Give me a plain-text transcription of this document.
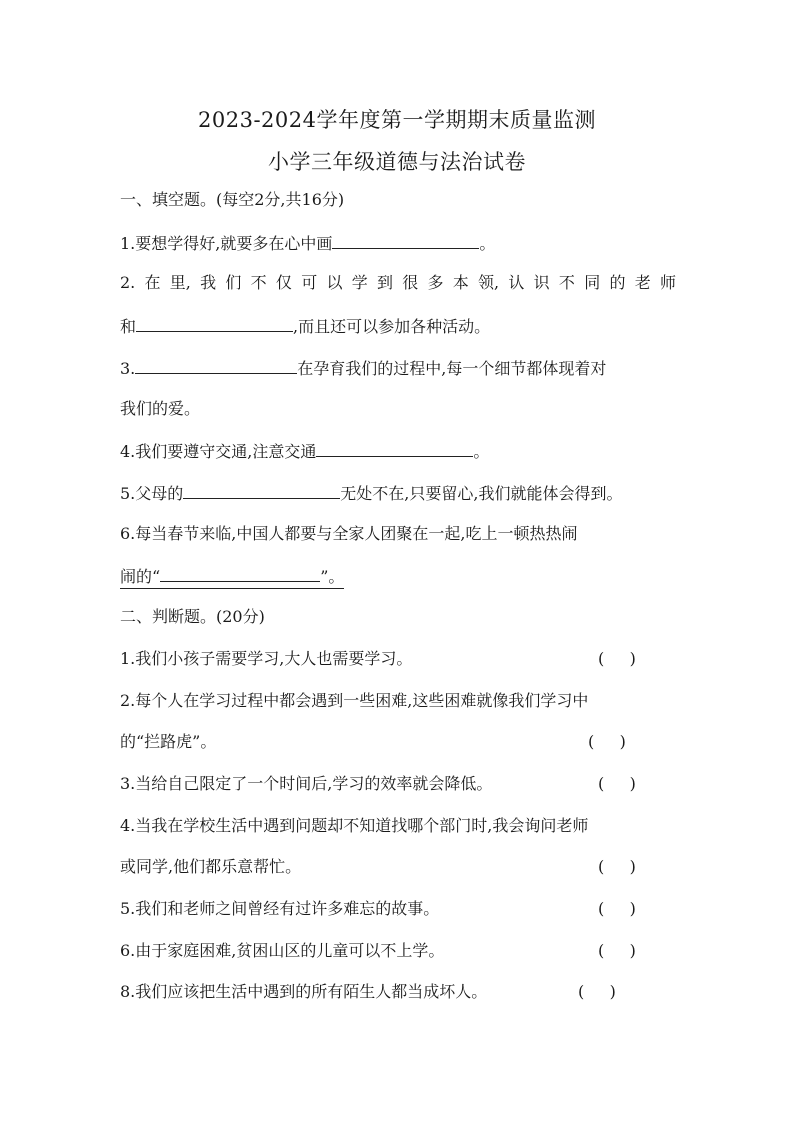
2023-2024学年度第一学期期末质量监测
小学三年级道德与法治试卷
一、填空题。(每空2分,共16分)
1.要想学得好,就要多在心中画	。
2. 在 里, 我 们 不 仅 可 以 学 到 很 多 本 领, 认 识 不 同 的 老 师
和	,而且还可以参加各种活动。
3.	在孕育我们的过程中,每一个细节都体现着对
我们的爱。
4.我们要遵守交通,注意交通	。
5.父母的	无处不在,只要留心,我们就能体会得到。
6.每当春节来临,中国人都要与全家人团聚在一起,吃上一顿热热闹
闹的“	”。
二、判断题。(20分)
1.我们小孩子需要学习,大人也需要学习。	(     )
2.每个人在学习过程中都会遇到一些困难,这些困难就像我们学习中
的“拦路虎”。	(     )
3.当给自己限定了一个时间后,学习的效率就会降低。	(     )
4.当我在学校生活中遇到问题却不知道找哪个部门时,我会询问老师
或同学,他们都乐意帮忙。	(     )
5.我们和老师之间曾经有过许多难忘的故事。	(     )
6.由于家庭困难,贫困山区的儿童可以不上学。	(     )
8.我们应该把生活中遇到的所有陌生人都当成坏人。	(     )
